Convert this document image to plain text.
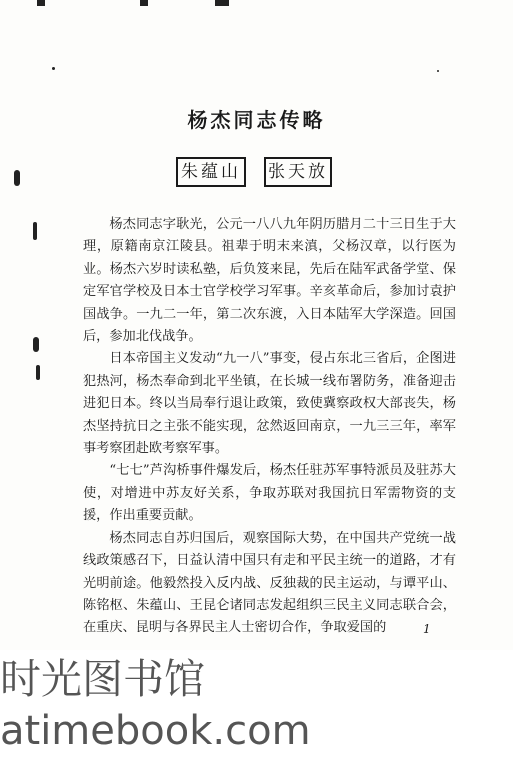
杨杰同志传略
朱蕴山 张天放

杨杰同志字耿光，公元一八八九年阴历腊月二十三日生于大理，原籍南京江陵县。祖辈于明末来滇，父杨汉章，以行医为业。杨杰六岁时读私塾，后负笈来昆，先后在陆军武备学堂、保定军官学校及日本士官学校学习军事。辛亥革命后，参加讨袁护国战争。一九二一年，第二次东渡，入日本陆军大学深造。回国后，参加北伐战争。

日本帝国主义发动“九一八”事变，侵占东北三省后，企图进犯热河，杨杰奉命到北平坐镇，在长城一线布署防务，准备迎击进犯日本。终以当局奉行退让政策，致使冀察政权大部丧失，杨杰坚持抗日之主张不能实现，忿然返回南京，一九三三年，率军事考察团赴欧考察军事。

“七七”芦沟桥事件爆发后，杨杰任驻苏军事特派员及驻苏大使，对增进中苏友好关系，争取苏联对我国抗日军需物资的支援，作出重要贡献。

杨杰同志自苏归国后，观察国际大势，在中国共产党统一战线政策感召下，日益认清中国只有走和平民主统一的道路，才有光明前途。他毅然投入反内战、反独裁的民主运动，与谭平山、陈铭枢、朱蕴山、王昆仑诸同志发起组织三民主义同志联合会，在重庆、昆明与各界民主人士密切合作，争取爱国的	1
时光图书馆
atimebook.com
